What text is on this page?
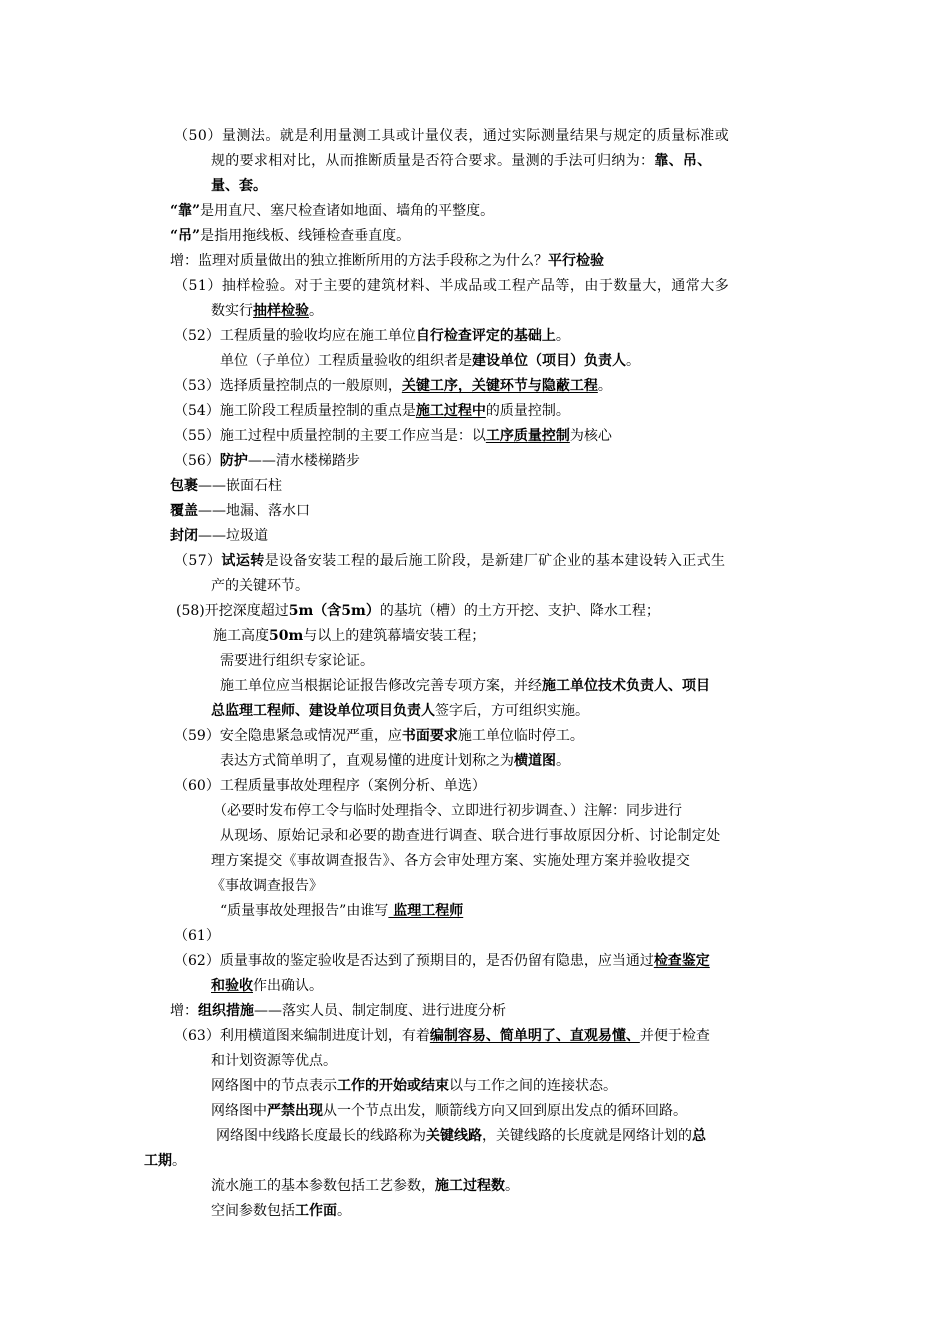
（50）量测法。就是利用量测工具或计量仪表，通过实际测量结果与规定的质量标准或
规的要求相对比，从而推断质量是否符合要求。量测的手法可归纳为：靠、吊、
量、套。
“靠”是用直尺、塞尺检查诸如地面、墙角的平整度。
“吊”是指用拖线板、线锤检查垂直度。
增：监理对质量做出的独立推断所用的方法手段称之为什么？平行检验
（51）抽样检验。对于主要的建筑材料、半成品或工程产品等，由于数量大，通常大多
数实行抽样检验。
（52）工程质量的验收均应在施工单位自行检查评定的基础上。
单位（子单位）工程质量验收的组织者是建设单位（项目）负责人。
（53）选择质量控制点的一般原则，关键工序，关键环节与隐蔽工程。
（54）施工阶段工程质量控制的重点是施工过程中的质量控制。
（55）施工过程中质量控制的主要工作应当是：以工序质量控制为核心
（56）防护——清水楼梯踏步
包裹——嵌面石柱
覆盖——地漏、落水口
封闭——垃圾道
（57）试运转是设备安装工程的最后施工阶段，是新建厂矿企业的基本建设转入正式生
产的关键环节。
(58)开挖深度超过5m（含5m）的基坑（槽）的土方开挖、支护、降水工程；
施工高度50m与以上的建筑幕墙安装工程；
需要进行组织专家论证。
施工单位应当根据论证报告修改完善专项方案，并经施工单位技术负责人、项目
总监理工程师、建设单位项目负责人签字后，方可组织实施。
（59）安全隐患紧急或情况严重，应书面要求施工单位临时停工。
表达方式简单明了，直观易懂的进度计划称之为横道图。
（60）工程质量事故处理程序（案例分析、单选）
（必要时发布停工令与临时处理指令、立即进行初步调查、）注解：同步进行
从现场、原始记录和必要的勘查进行调查、联合进行事故原因分析、讨论制定处
理方案提交《事故调查报告》、各方会审处理方案、实施处理方案并验收提交
《事故调查报告》
“质量事故处理报告”由谁写 监理工程师
（61）
（62）质量事故的鉴定验收是否达到了预期目的，是否仍留有隐患，应当通过检查鉴定
和验收作出确认。
增：组织措施——落实人员、制定制度、进行进度分析
（63）利用横道图来编制进度计划，有着编制容易、简单明了、直观易懂、并便于检查
和计划资源等优点。
网络图中的节点表示工作的开始或结束以与工作之间的连接状态。
网络图中严禁出现从一个节点出发，顺箭线方向又回到原出发点的循环回路。
网络图中线路长度最长的线路称为关键线路，关键线路的长度就是网络计划的总
工期。
流水施工的基本参数包括工艺参数，施工过程数。
空间参数包括工作面。
